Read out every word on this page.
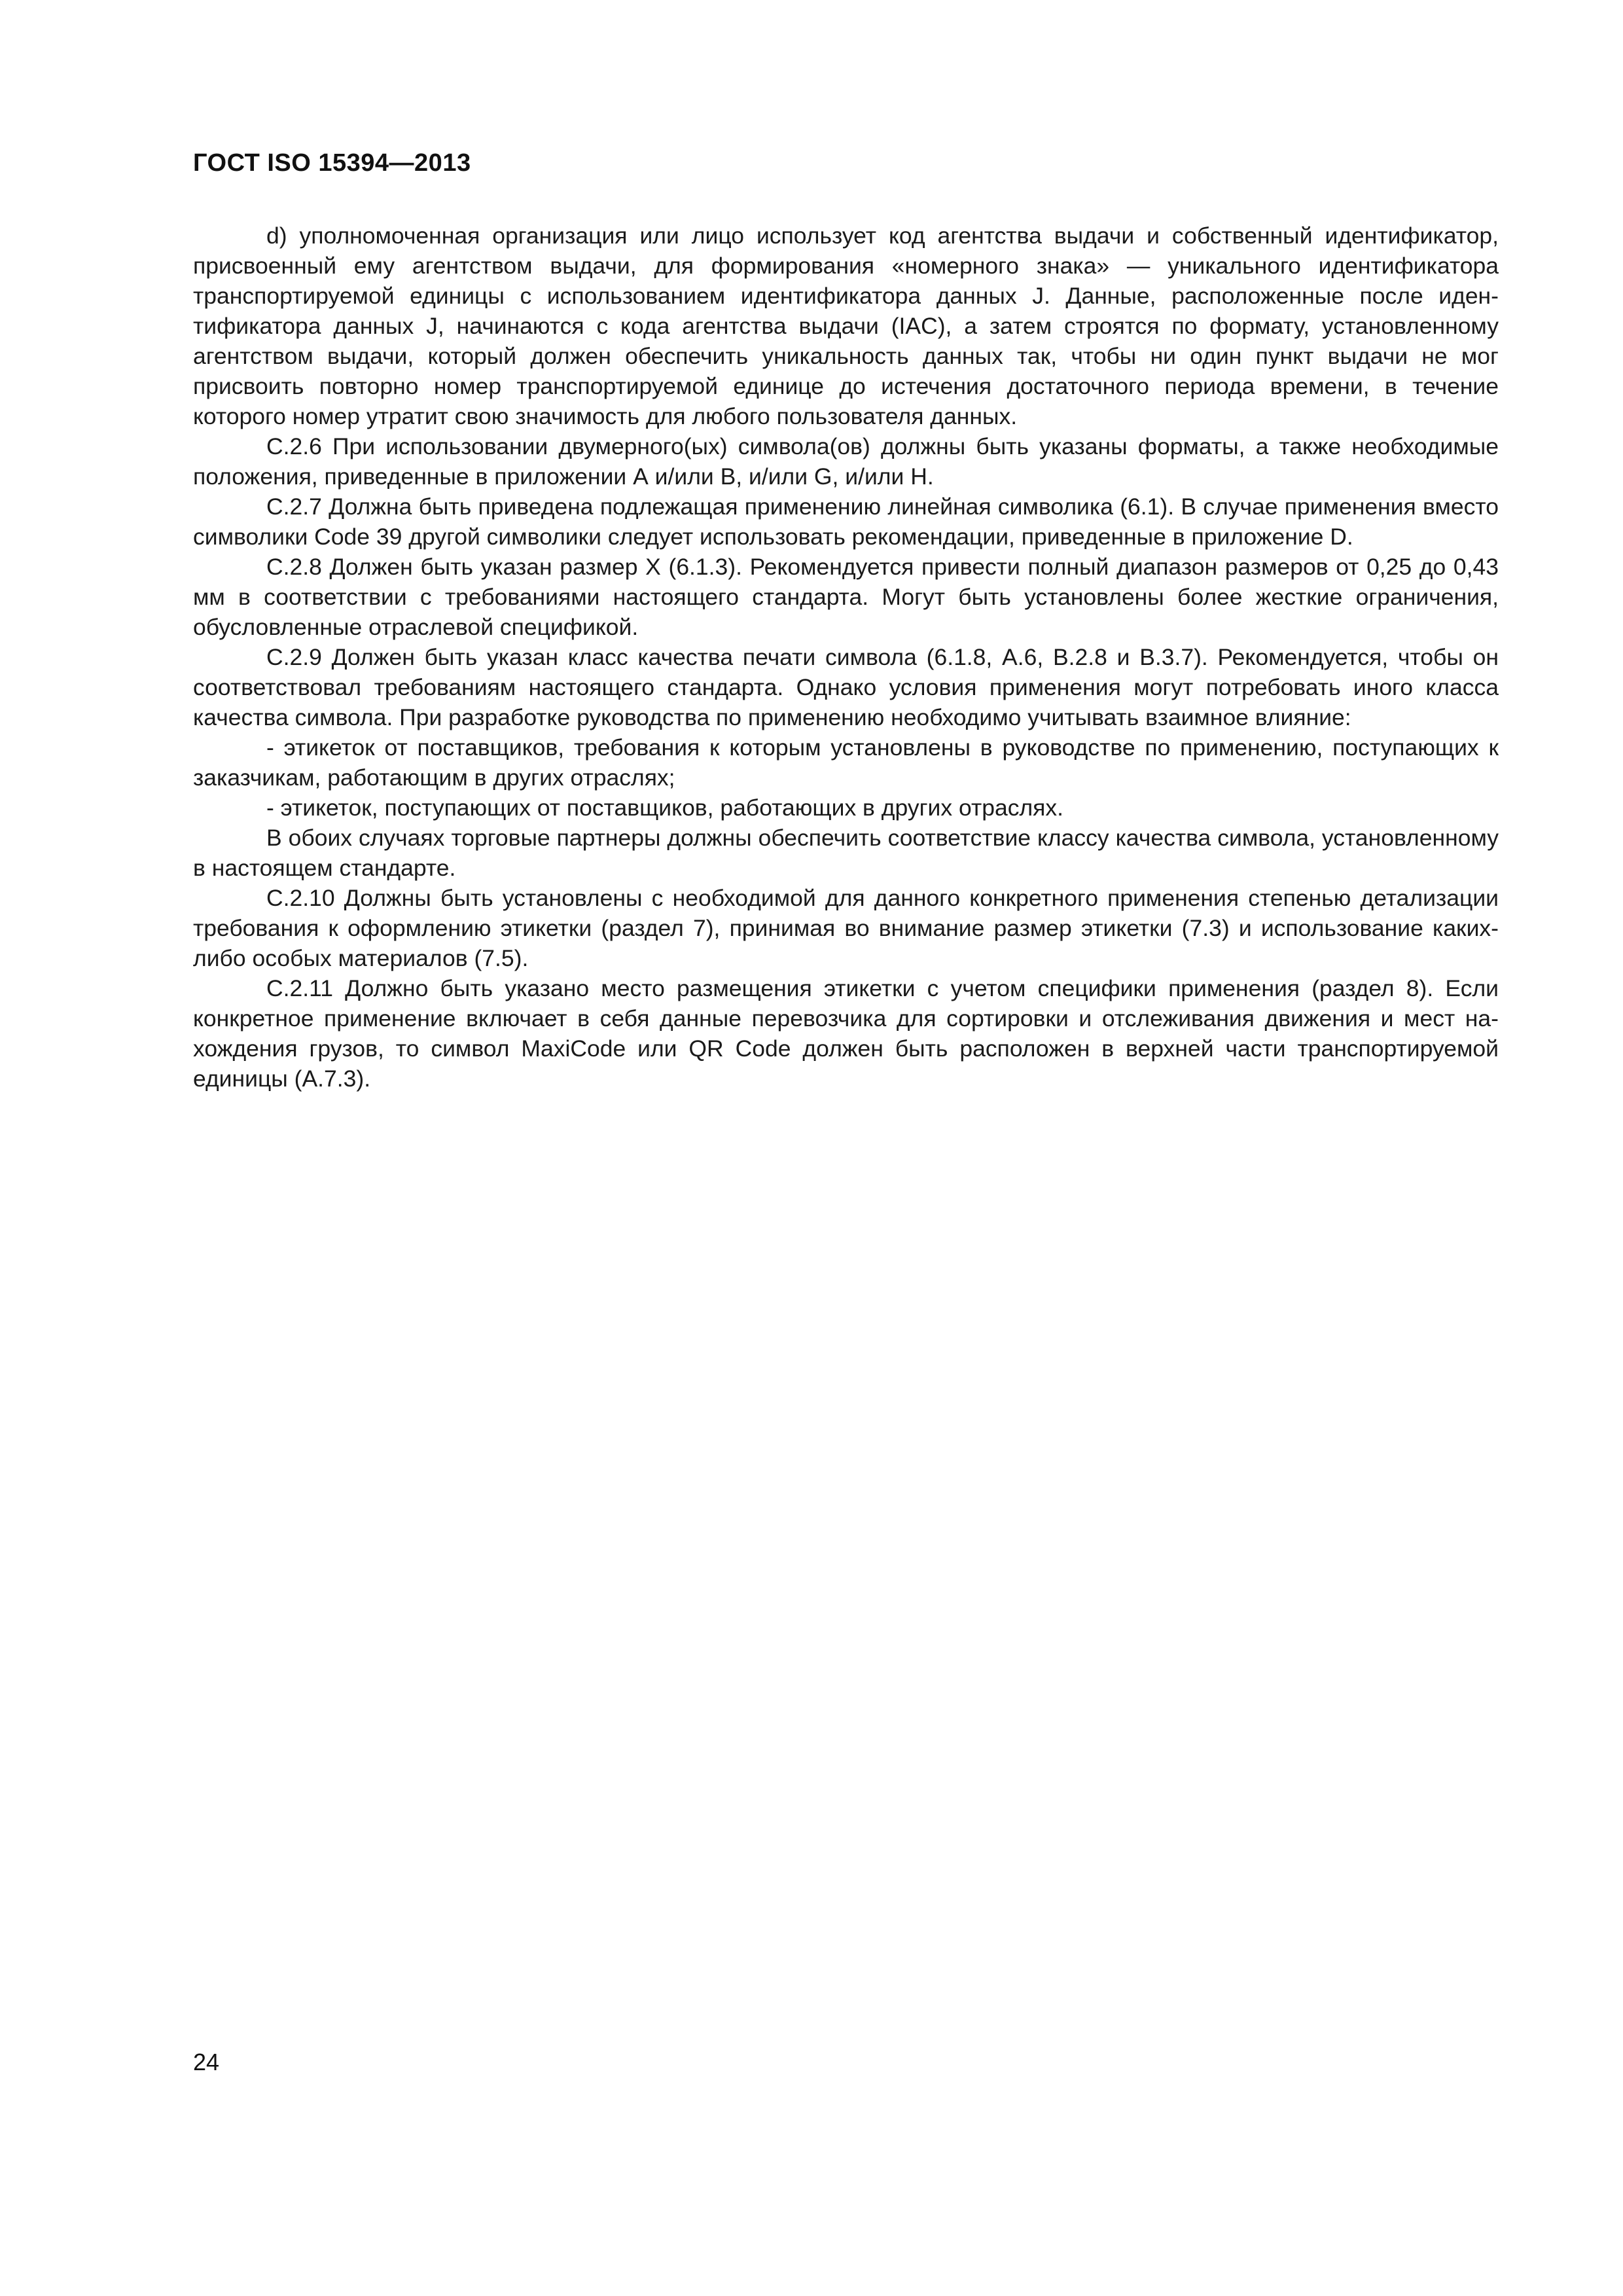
ГОСТ ISO 15394—2013

d) уполномоченная организация или лицо использует код агентства выдачи и собственный идентификатор, присвоенный ему агентством выдачи, для формирования «номерного знака» — уникального идентификатора транспортируемой единицы с использованием идентификатора данных J. Данные, расположенные после идентификатора данных J, начинаются с кода агентства выдачи (IAC), а затем строятся по формату, установленному агентством выдачи, который должен обеспечить уникальность данных так, чтобы ни один пункт выдачи не мог присвоить повторно номер транспортируемой единице до истечения достаточного периода времени, в течение которого номер утратит свою значимость для любого пользователя данных.

С.2.6 При использовании двумерного(ых) символа(ов) должны быть указаны форматы, а также необходимые положения, приведенные в приложении А и/или В, и/или G, и/или Н.

С.2.7 Должна быть приведена подлежащая применению линейная символика (6.1). В случае применения вместо символики Code 39 другой символики следует использовать рекомендации, приведенные в приложение D.

С.2.8 Должен быть указан размер X (6.1.3). Рекомендуется привести полный диапазон размеров от 0,25 до 0,43 мм в соответствии с требованиями настоящего стандарта. Могут быть установлены более жесткие ограничения, обусловленные отраслевой спецификой.

С.2.9 Должен быть указан класс качества печати символа (6.1.8, А.6, В.2.8 и В.3.7). Рекомендуется, чтобы он соответствовал требованиям настоящего стандарта. Однако условия применения могут потребовать иного класса качества символа. При разработке руководства по применению необходимо учитывать взаимное влияние:

- этикеток от поставщиков, требования к которым установлены в руководстве по применению, поступающих к заказчикам, работающим в других отраслях;

- этикеток, поступающих от поставщиков, работающих в других отраслях.

В обоих случаях торговые партнеры должны обеспечить соответствие классу качества символа, установленному в настоящем стандарте.

С.2.10 Должны быть установлены с необходимой для данного конкретного применения степенью детализации требования к оформлению этикетки (раздел 7), принимая во внимание размер этикетки (7.3) и использование каких-либо особых материалов (7.5).

С.2.11 Должно быть указано место размещения этикетки с учетом специфики применения (раздел 8). Если конкретное применение включает в себя данные перевозчика для сортировки и отслеживания движения и мест нахождения грузов, то символ MaxiCode или QR Code должен быть расположен в верхней части транспортируемой единицы (А.7.3).

24
